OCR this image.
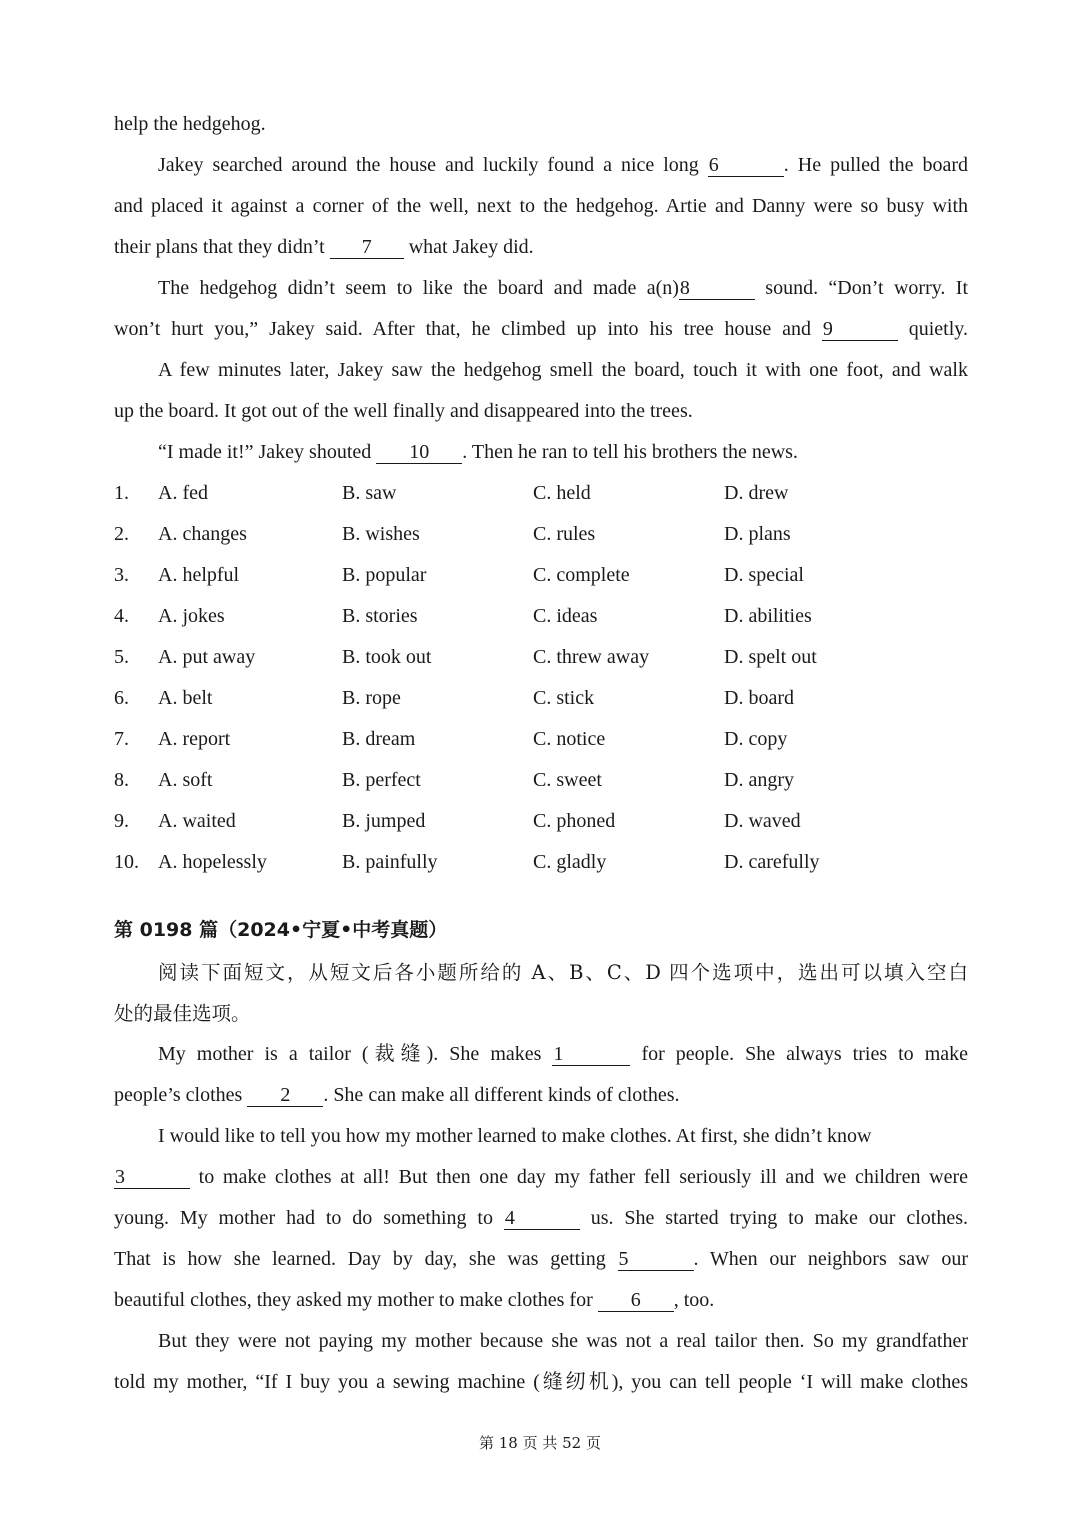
help the hedgehog.
Jakey searched around the house and luckily found a nice long 6	. He pulled the board
and placed it against a corner of the well, next to the hedgehog. Artie and Danny were so busy with
their plans that they didn’t 7 what Jakey did.
The hedgehog didn’t seem to like the board and made a(n)8	sound. “Don’t worry. It
won’t hurt you,” Jakey said. After that, he climbed up into his tree house and 9	quietly.
A few minutes later, Jakey saw the hedgehog smell the board, touch it with one foot, and walk
up the board. It got out of the well finally and disappeared into the trees.
“I made it!” Jakey shouted 10 . Then he ran to tell his brothers the news.
1.	A. fed	B. saw	C. held	D. drew
2.	A. changes	B. wishes	C. rules	D. plans
3.	A. helpful	B. popular	C. complete	D. special
4.	A. jokes	B. stories	C. ideas	D. abilities
5.	A. put away	B. took out	C. threw away	D. spelt out
6.	A. belt	B. rope	C. stick	D. board
7.	A. report	B. dream	C. notice	D. copy
8.	A. soft	B. perfect	C. sweet	D. angry
9.	A. waited	B. jumped	C. phoned	D. waved
10. A. hopelessly	B. painfully	C. gladly	D. carefully
第 0198 篇（2024•宁夏•中考真题）
阅读下面短文，从短文后各小题所给的 A、B、C、D 四个选项中，选出可以填入空白
处的最佳选项。
My mother is a tailor (裁缝). She makes 1	for people. She always tries to make
people’s clothes 2 . She can make all different kinds of clothes.
I would like to tell you how my mother learned to make clothes. At first, she didn’t know
3	to make clothes at all! But then one day my father fell seriously ill and we children were
young. My mother had to do something to 4	us. She started trying to make our clothes.
That is how she learned. Day by day, she was getting 5	. When our neighbors saw our
beautiful clothes, they asked my mother to make clothes for 6 , too.
But they were not paying my mother because she was not a real tailor then. So my grandfather
told my mother, “If I buy you a sewing machine (缝纫机), you can tell people ‘I will make clothes
第 18 页 共 52 页
